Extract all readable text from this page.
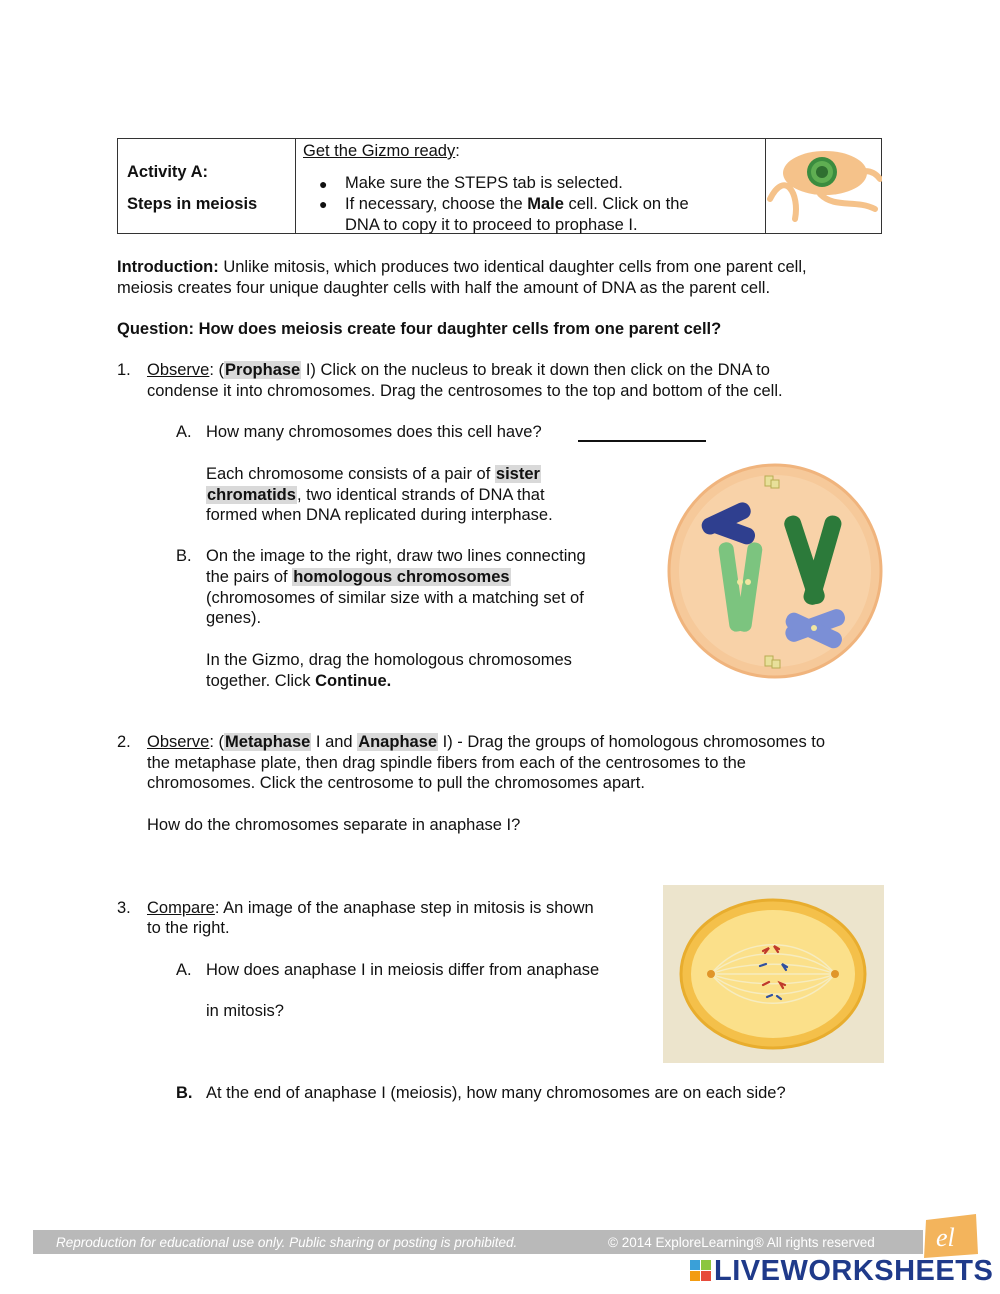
Activity A:
Steps in meiosis
Get the Gizmo ready:
● Make sure the STEPS tab is selected.
● If necessary, choose the Male cell. Click on the
DNA to copy it to proceed to prophase I.
Introduction: Unlike mitosis, which produces two identical daughter cells from one parent cell,
meiosis creates four unique daughter cells with half the amount of DNA as the parent cell.
Question: How does meiosis create four daughter cells from one parent cell?
1. Observe: (Prophase I) Click on the nucleus to break it down then click on the DNA to
condense it into chromosomes. Drag the centrosomes to the top and bottom of the cell.
A. How many chromosomes does this cell have?
Each chromosome consists of a pair of sister
chromatids, two identical strands of DNA that
formed when DNA replicated during interphase.
B. On the image to the right, draw two lines connecting
the pairs of homologous chromosomes
(chromosomes of similar size with a matching set of
genes).
In the Gizmo, drag the homologous chromosomes
together. Click Continue.
2. Observe: (Metaphase I and Anaphase I) - Drag the groups of homologous chromosomes to
the metaphase plate, then drag spindle fibers from each of the centrosomes to the
chromosomes. Click the centrosome to pull the chromosomes apart.
How do the chromosomes separate in anaphase I?
3. Compare: An image of the anaphase step in mitosis is shown
to the right.
A. How does anaphase I in meiosis differ from anaphase
in mitosis?
B. At the end of anaphase I (meiosis), how many chromosomes are on each side?
Reproduction for educational use only. Public sharing or posting is prohibited.	© 2014 ExploreLearning® All rights reserved el
LIVEWORKSHEETS
